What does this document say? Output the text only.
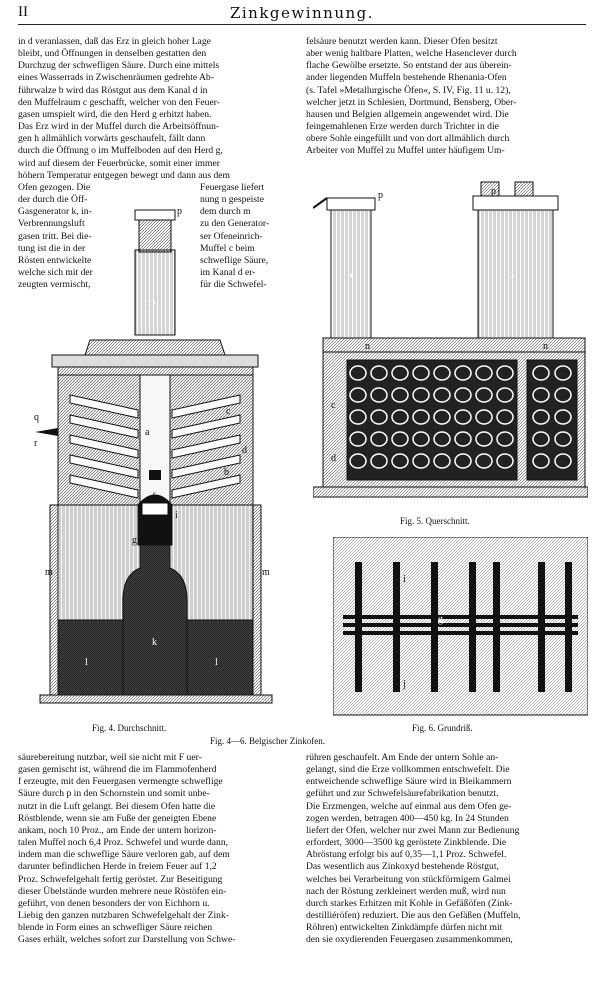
II	Zinkgewinnung.

in d veranlassen, daß das Erz in gleich hoher Lage

bleibt, und Öffnungen in denselben gestatten den

Durchzug der schwefligen Säure. Durch eine mittels

eines Wasserrads in Zwischenräumen gedrehte Ab-

führwalze b wird das Röstgut aus dem Kanal d in

den Muffelraum c geschafft, welcher von den Feuer-

gasen umspielt wird, die den Herd g erhitzt haben.

Das Erz wird in der Muffel durch die Arbeitsöffnun-

gen h allmählich vorwärts geschaufelt, fällt dann

durch die Öffnung o im Muffelboden auf den Herd g,

wird auf diesem der Feuerbrücke, somit einer immer

höhern Temperatur entgegen bewegt und dann aus dem

Ofen gezogen. Die

der durch die Öff-

Gasgenerator k, in-

Verbrennungsluft

gasen tritt. Bei die-

tung ist die in der

Rösten entwickelte

welche sich mit der

zeugten vermischt,

Feuergase liefert

nung n gespeiste

dem durch m

zu den Generator-

ser Ofeneinrich-

Muffel c beim

schweflige Säure,

im Kanal d er-

für die Schwefel-

felsäure benutzt werden kann. Dieser Ofen besitzt

aber wenig haltbare Platten, welche Hasenclever durch

flache Gewölbe ersetzte. So entstand der aus überein-

ander liegenden Muffeln bestehende Rhenania-Ofen

(s. Tafel »Metallurgische Öfen«, S. IV, Fig. 11 u. 12),

welcher jetzt in Schlesien, Dortmund, Bensberg, Ober-

hausen und Belgien allgemein angewendet wird. Die

feingemahlenen Erze werden durch Trichter in die

obere Sohle eingefüllt und von dort allmählich durch

Arbeiter von Muffel zu Muffel unter häufigem Um-

säurebereitung nutzbar, weil sie nicht mit F uer-

gasen gemischt ist, während die im Flammofenherd

f erzeugte, mit den Feuergasen vermengte schweflige

Säure durch p in den Schornstein und somit unbe-

nutzt in die Luft gelangt. Bei diesem Ofen hatte die

Röstblende, wenn sie am Fuße der geneigten Ebene

ankam, noch 10 Proz., am Ende der untern horizon-

talen Muffel noch 6,4 Proz. Schwefel und wurde dann,

indem man die schweflige Säure verloren gab, auf dem

darunter befindlichen Herde in freiem Feuer auf 1,2

Proz. Schwefelgehalt fertig geröstet. Zur Beseitigung

dieser Übelstände wurden mehrere neue Röstöfen ein-

geführt, von denen besonders der von Eichhorn u.

Liebig den ganzen nutzbaren Schwefelgehalt der Zink-

blende in Form eines an schwefliger Säure reichen

Gases erhält, welches sofort zur Darstellung von Schwe-

rühren geschaufelt. Am Ende der untern Sohle an-

gelangt, sind die Erze vollkommen entschwefelt. Die

entweichende schweflige Säure wird in Bleikammern

geführt und zur Schwefelsäurefabrikation benutzt.

Die Erzmengen, welche auf einmal aus dem Ofen ge-

zogen werden, betragen 400—450 kg. In 24 Stunden

liefert der Ofen, welcher nur zwei Mann zur Bedienung

erfordert, 3000—3500 kg geröstete Zinkblende. Die

Abröstung erfolgt bis auf 0,35—1,1 Proz. Schwefel.

Das wesentlich aus Zinkoxyd bestehende Röstgut,

welches bei Verarbeitung von stückförmigem Galmei

nach der Röstung zerkleinert werden muß, wird nun

durch starkes Erhitzen mit Kohle in Gefäßöfen (Zink-

destilliéröfen) reduziert. Die aus den Gefäßen (Muffeln,

Röhren) entwickelten Zinkdämpfe dürfen nicht mit

den sie oxydierenden Feuergasen zusammenkommen,

p
o
a
c
d
b
q
r
f
i
g
m	m
k
l	l
p	p
o	o
n	n
c
d
i
g
j
Fig. 4. Durchschnitt.
Fig. 5. Querschnitt.
Fig. 6. Grundriß.
Fig. 4—6. Belgischer Zinkofen.
